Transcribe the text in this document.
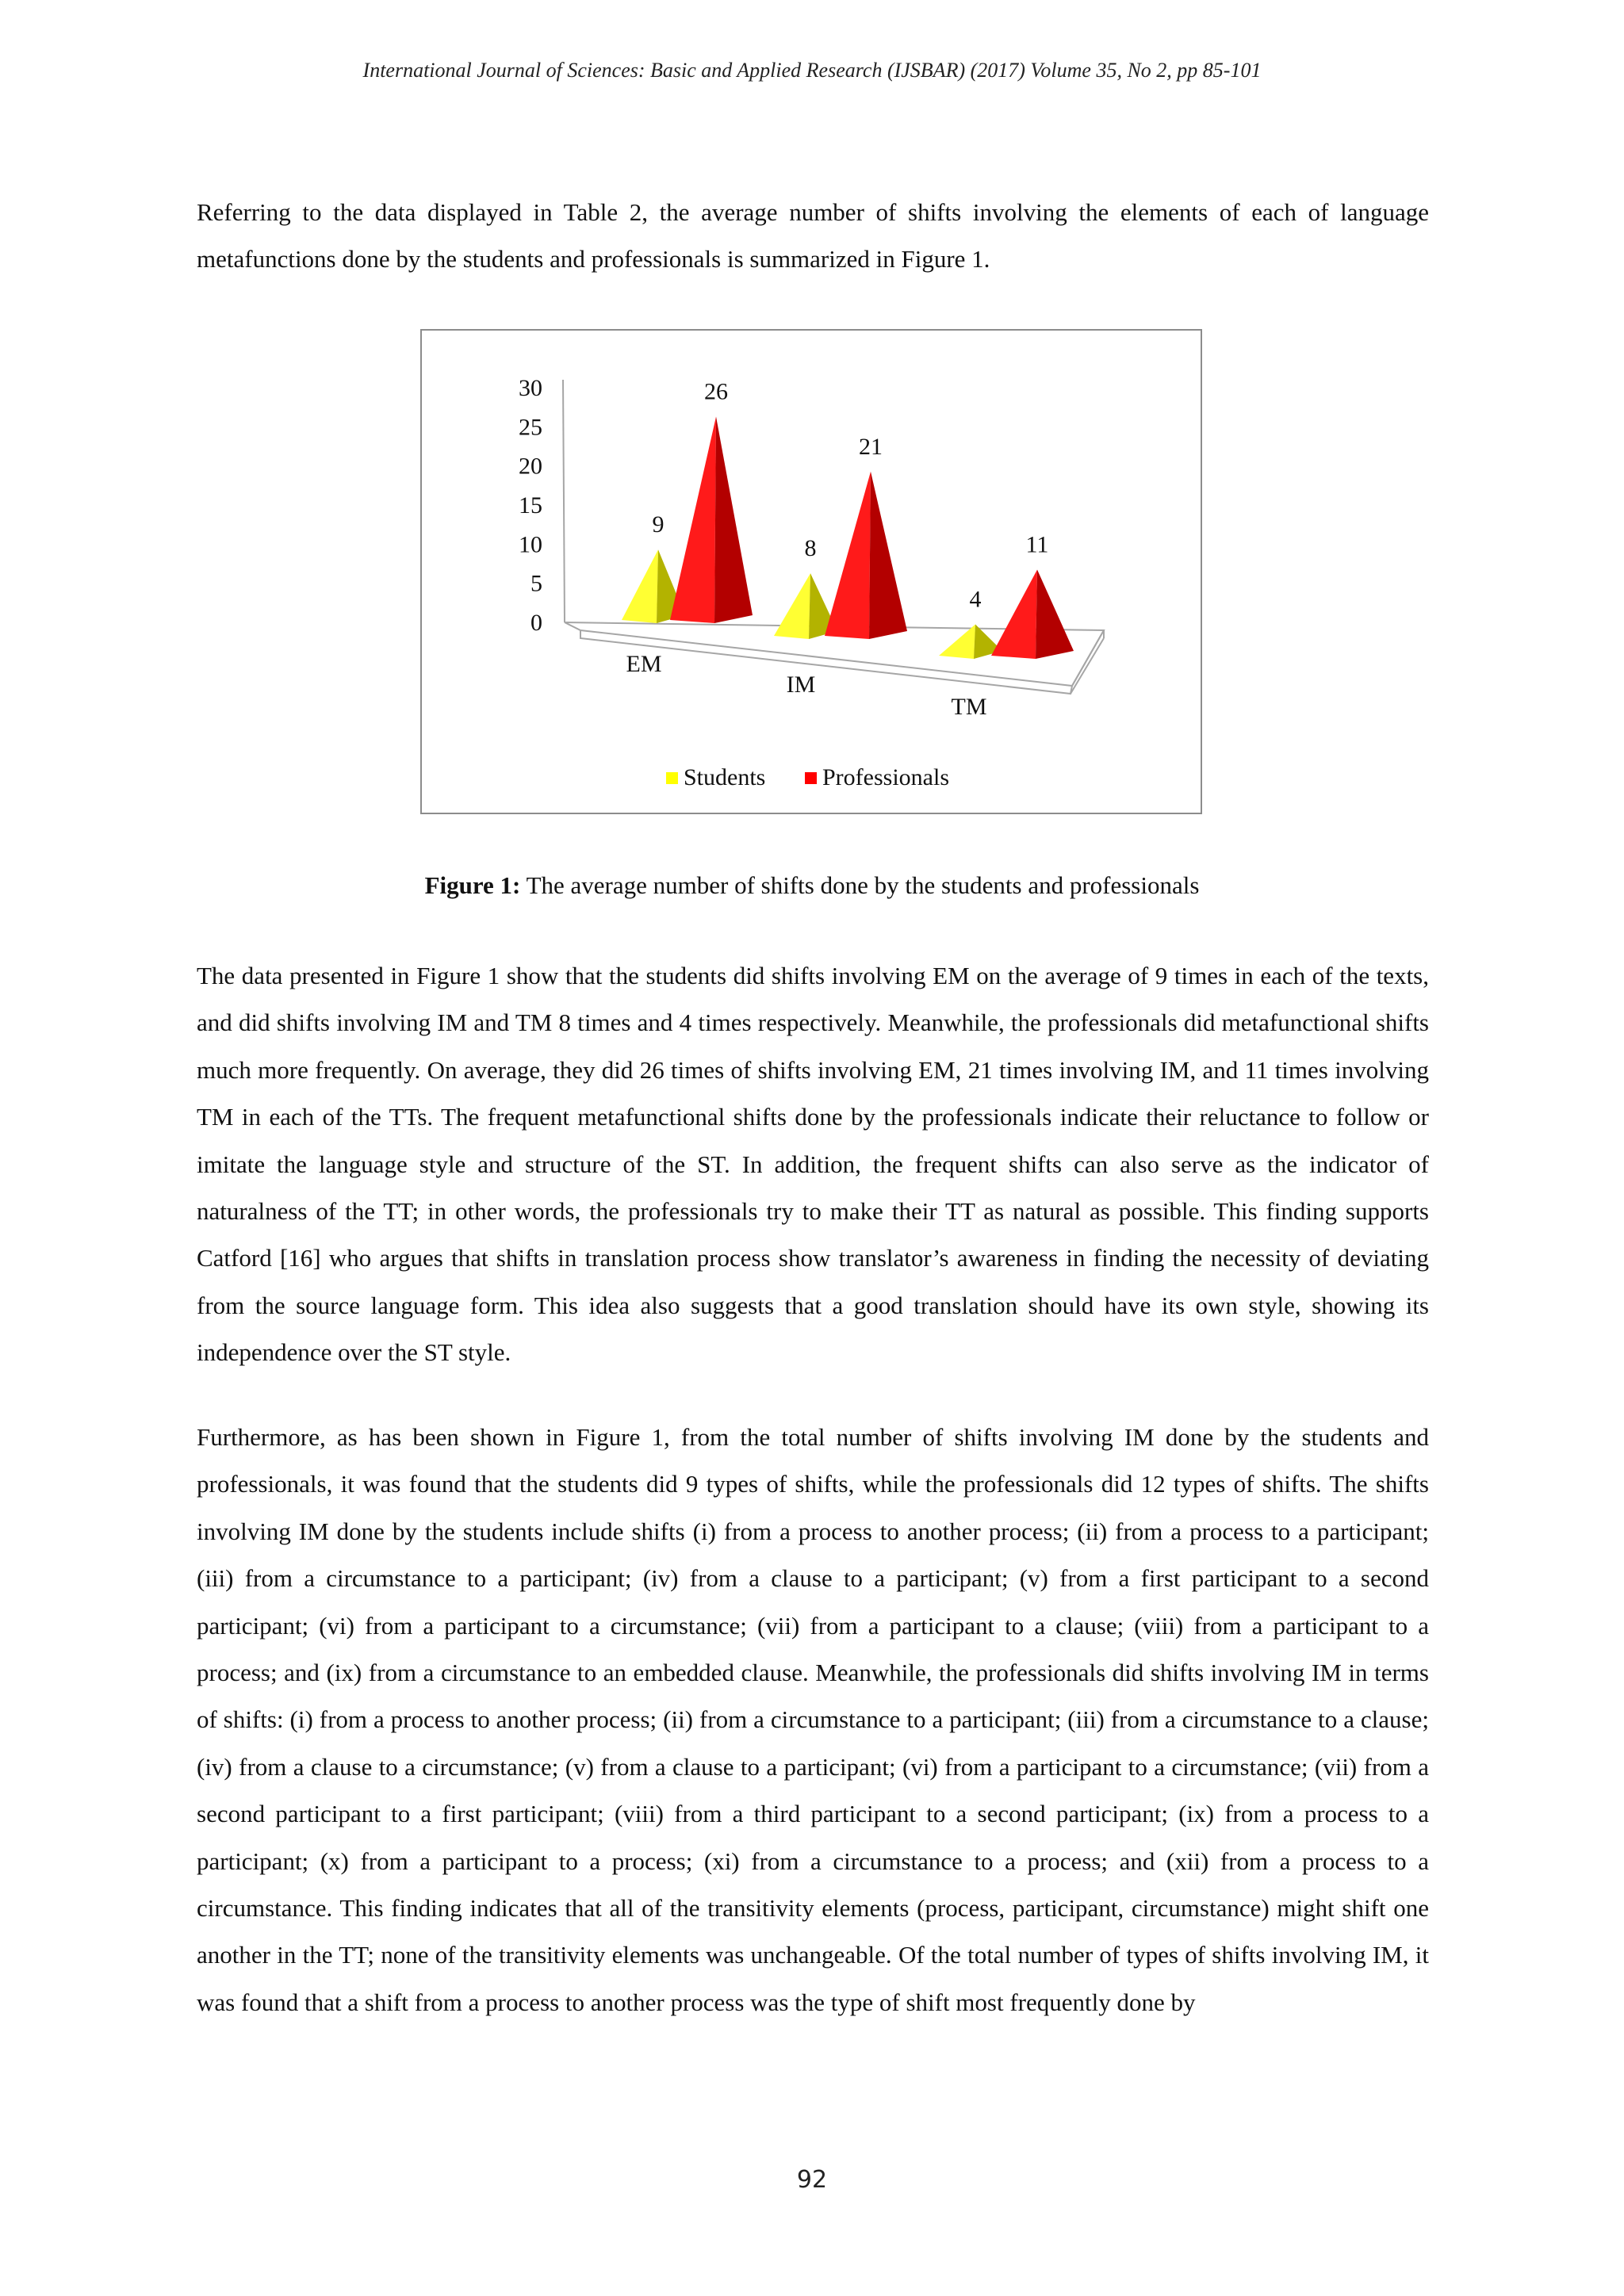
International Journal of Sciences: Basic and Applied Research (IJSBAR) (2017) Volume 35, No 2, pp 85-101

Referring to the data displayed in Table 2, the average number of shifts involving the elements of each of language metafunctions done by the students and professionals is summarized in Figure 1.

0
5
10
15
20
25
30
9
8
4
26
21
11
EM
IM
TM
Students Professionals
Figure 1: The average number of shifts done by the students and professionals

The data presented in Figure 1 show that the students did shifts involving EM on the average of 9 times in each of the texts, and did shifts involving IM and TM 8 times and 4 times respectively. Meanwhile, the professionals did metafunctional shifts much more frequently. On average, they did 26 times of shifts involving EM, 21 times involving IM, and 11 times involving TM in each of the TTs. The frequent metafunctional shifts done by the professionals indicate their reluctance to follow or imitate the language style and structure of the ST. In addition, the frequent shifts can also serve as the indicator of naturalness of the TT; in other words, the professionals try to make their TT as natural as possible. This finding supports Catford [16] who argues that shifts in translation process show translator’s awareness in finding the necessity of deviating from the source language form. This idea also suggests that a good translation should have its own style, showing its independence over the ST style.

Furthermore, as has been shown in Figure 1, from the total number of shifts involving IM done by the students and professionals, it was found that the students did 9 types of shifts, while the professionals did 12 types of shifts. The shifts involving IM done by the students include shifts (i) from a process to another process; (ii) from a process to a participant; (iii) from a circumstance to a participant; (iv) from a clause to a participant; (v) from a first participant to a second participant; (vi) from a participant to a circumstance; (vii) from a participant to a clause; (viii) from a participant to a process; and (ix) from a circumstance to an embedded clause. Meanwhile, the professionals did shifts involving IM in terms of shifts: (i) from a process to another process; (ii) from a circumstance to a participant; (iii) from a circumstance to a clause; (iv) from a clause to a circumstance; (v) from a clause to a participant; (vi) from a participant to a circumstance; (vii) from a second participant to a first participant; (viii) from a third participant to a second participant; (ix) from a process to a participant; (x) from a participant to a process; (xi) from a circumstance to a process; and (xii) from a process to a circumstance. This finding indicates that all of the transitivity elements (process, participant, circumstance) might shift one another in the TT; none of the transitivity elements was unchangeable. Of the total number of types of shifts involving IM, it was found that a shift from a process to another process was the type of shift most frequently done by

92
